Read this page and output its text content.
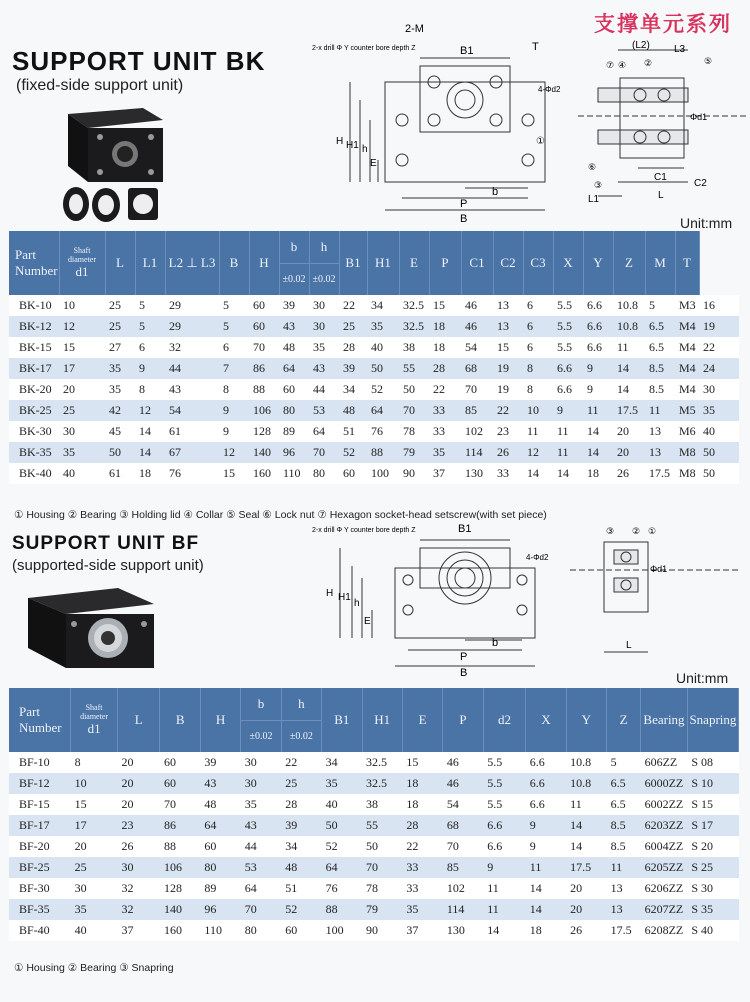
支撑单元系列
SUPPORT UNIT BK
(fixed-side support unit)
2-M
2-x drill Φ Y counter bore depth Z	B1	T
4-Φd2
①
H H1 h
E
b
P
B
(L2) L3
⑦ ④ ②	⑤
Φd1
⑥
③
C1
C2
L1	L
Unit:mm
Part Number	Shaft diameter
d1	L	L1	L2 ⊥ L3	B	H	b	h	B1	H1	E	P	C1	C2	C3	X	Y	Z	M	T	
							±0.02	±0.02													
BK-10	10	25	5	29	5	60	39	30	22	34	32.5	15	46	13	6	5.5	6.6	10.8	5	M3	16
BK-12	12	25	5	29	5	60	43	30	25	35	32.5	18	46	13	6	5.5	6.6	10.8	6.5	M4	19
BK-15	15	27	6	32	6	70	48	35	28	40	38	18	54	15	6	5.5	6.6	11	6.5	M4	22
BK-17	17	35	9	44	7	86	64	43	39	50	55	28	68	19	8	6.6	9	14	8.5	M4	24
BK-20	20	35	8	43	8	88	60	44	34	52	50	22	70	19	8	6.6	9	14	8.5	M4	30
BK-25	25	42	12	54	9	106	80	53	48	64	70	33	85	22	10	9	11	17.5	11	M5	35
BK-30	30	45	14	61	9	128	89	64	51	76	78	33	102	23	11	11	14	20	13	M6	40
BK-35	35	50	14	67	12	140	96	70	52	88	79	35	114	26	12	11	14	20	13	M8	50
BK-40	40	61	18	76	15	160	110	80	60	100	90	37	130	33	14	14	18	26	17.5	M8	50
① Housing ② Bearing ③ Holding lid ④ Collar ⑤ Seal ⑥ Lock nut ⑦ Hexagon socket-head setscrew(with set piece)
SUPPORT UNIT BF
(supported-side support unit)
2-x drill Φ Y counter bore depth Z	B1
4-Φd2
H H1
h
E
b
P
B
③ ② ①
Φd1
L
Unit:mm
Part Number	Shaft diameter
d1	L	B	H	b	h	B1	H1	E	P	d2	X	Y	Z	Bearing	Snapring
					±0.02	±0.02										
BF-10	8	20	60	39	30	22	34	32.5	15	46	5.5	6.6	10.8	5	606ZZ	S 08
BF-12	10	20	60	43	30	25	35	32.5	18	46	5.5	6.6	10.8	6.5	6000ZZ	S 10
BF-15	15	20	70	48	35	28	40	38	18	54	5.5	6.6	11	6.5	6002ZZ	S 15
BF-17	17	23	86	64	43	39	50	55	28	68	6.6	9	14	8.5	6203ZZ	S 17
BF-20	20	26	88	60	44	34	52	50	22	70	6.6	9	14	8.5	6004ZZ	S 20
BF-25	25	30	106	80	53	48	64	70	33	85	9	11	17.5	11	6205ZZ	S 25
BF-30	30	32	128	89	64	51	76	78	33	102	11	14	20	13	6206ZZ	S 30
BF-35	35	32	140	96	70	52	88	79	35	114	11	14	20	13	6207ZZ	S 35
BF-40	40	37	160	110	80	60	100	90	37	130	14	18	26	17.5	6208ZZ	S 40
① Housing ② Bearing ③ Snapring
